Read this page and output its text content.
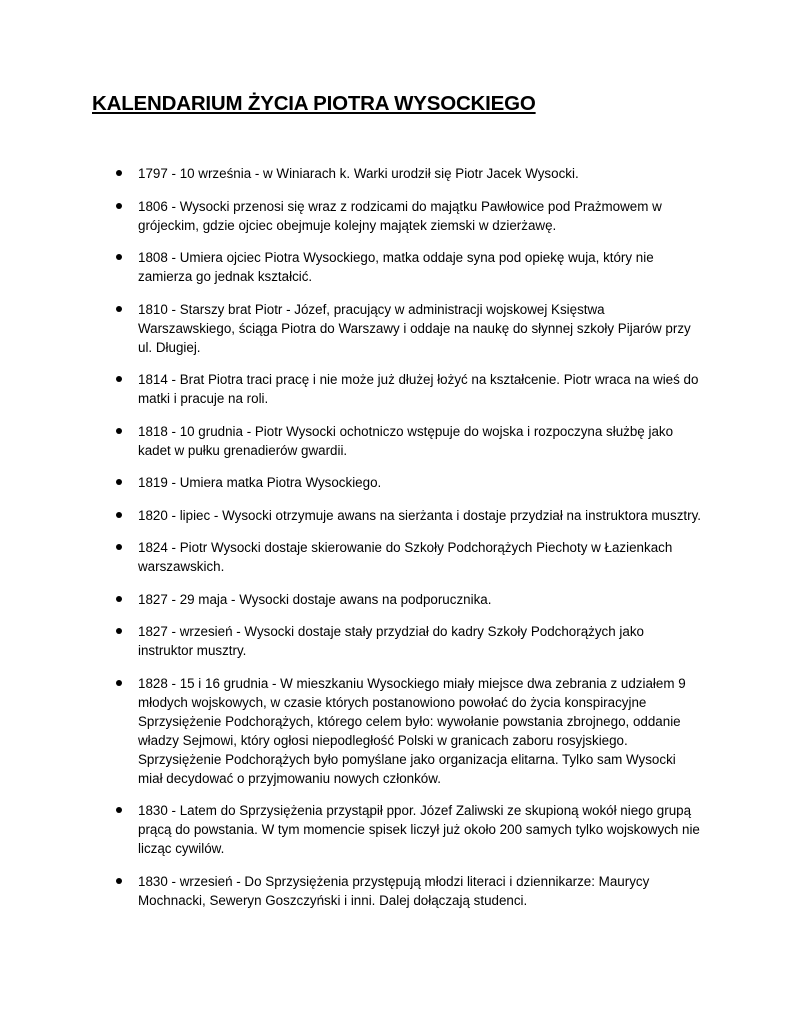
KALENDARIUM ŻYCIA PIOTRA WYSOCKIEGO
1797 - 10 września - w Winiarach k. Warki urodził się Piotr Jacek Wysocki.
1806 - Wysocki przenosi się wraz z rodzicami do majątku Pawłowice pod Prażmowem w grójeckim, gdzie ojciec obejmuje kolejny majątek ziemski w dzierżawę.
1808 - Umiera ojciec Piotra Wysockiego, matka oddaje syna pod opiekę wuja, który nie zamierza go jednak kształcić.
1810 - Starszy brat Piotr - Józef, pracujący w administracji wojskowej Księstwa Warszawskiego, ściąga Piotra do Warszawy i oddaje na naukę do słynnej szkoły Pijarów przy ul. Długiej.
1814 - Brat Piotra traci pracę i nie może już dłużej łożyć na kształcenie. Piotr wraca na wieś do matki i pracuje na roli.
1818 - 10 grudnia - Piotr Wysocki ochotniczo wstępuje do wojska i rozpoczyna służbę jako kadet w pułku grenadierów gwardii.
1819 - Umiera matka Piotra Wysockiego.
1820 - lipiec - Wysocki otrzymuje awans na sierżanta i dostaje przydział na instruktora musztry.
1824 - Piotr Wysocki dostaje skierowanie do Szkoły Podchorążych Piechoty w Łazienkach warszawskich.
1827 - 29 maja - Wysocki dostaje awans na podporucznika.
1827 - wrzesień - Wysocki dostaje stały przydział do kadry Szkoły Podchorążych jako instruktor musztry.
1828 - 15 i 16 grudnia - W mieszkaniu Wysockiego miały miejsce dwa zebrania z udziałem 9 młodych wojskowych, w czasie których postanowiono powołać do życia konspiracyjne Sprzysiężenie Podchorążych, którego celem było: wywołanie powstania zbrojnego, oddanie władzy Sejmowi, który ogłosi niepodległość Polski w granicach zaboru rosyjskiego. Sprzysiężenie Podchorążych było pomyślane jako organizacja elitarna. Tylko sam Wysocki miał decydować o przyjmowaniu nowych członków.
1830 - Latem do Sprzysiężenia przystąpił ppor. Józef Zaliwski ze skupioną wokół niego grupą prącą do powstania. W tym momencie spisek liczył już około 200 samych tylko wojskowych nie licząc cywilów.
1830 - wrzesień - Do Sprzysiężenia przystępują młodzi literaci i dziennikarze: Maurycy Mochnacki, Seweryn Goszczyński i inni. Dalej dołączają studenci.
